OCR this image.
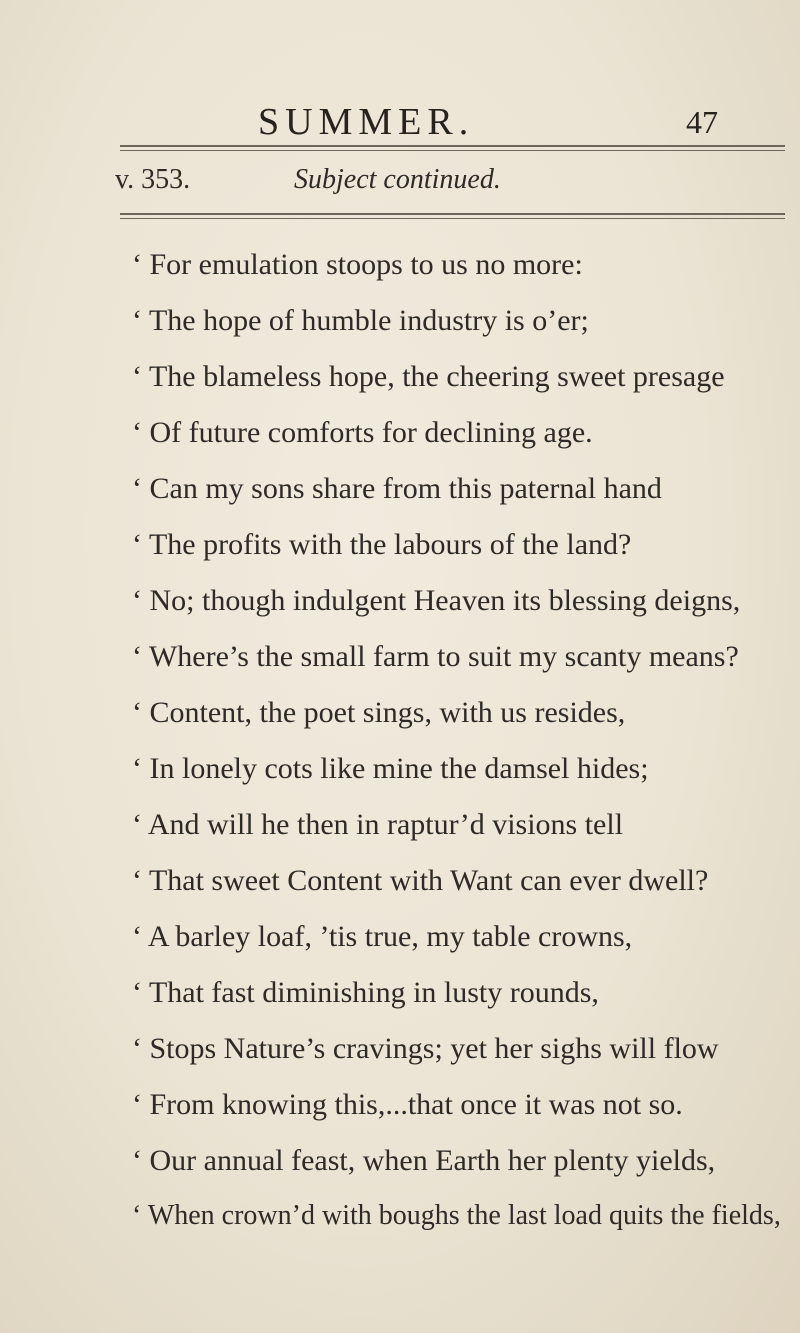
SUMMER.	47
v. 353.	Subject continued.
‘ For emulation stoops to us no more:
‘ The hope of humble industry is o’er;
‘ The blameless hope, the cheering sweet presage
‘ Of future comforts for declining age.
‘ Can my sons share from this paternal hand
‘ The profits with the labours of the land?
‘ No; though indulgent Heaven its blessing deigns,
‘ Where’s the small farm to suit my scanty means?
‘ Content, the poet sings, with us resides,
‘ In lonely cots like mine the damsel hides;
‘ And will he then in raptur’d visions tell
‘ That sweet Content with Want can ever dwell?
‘ A barley loaf, ’tis true, my table crowns,
‘ That fast diminishing in lusty rounds,
‘ Stops Nature’s cravings; yet her sighs will flow
‘ From knowing this,...that once it was not so.
‘ Our annual feast, when Earth her plenty yields,
‘ When crown’d with boughs the last load quits the fields,
